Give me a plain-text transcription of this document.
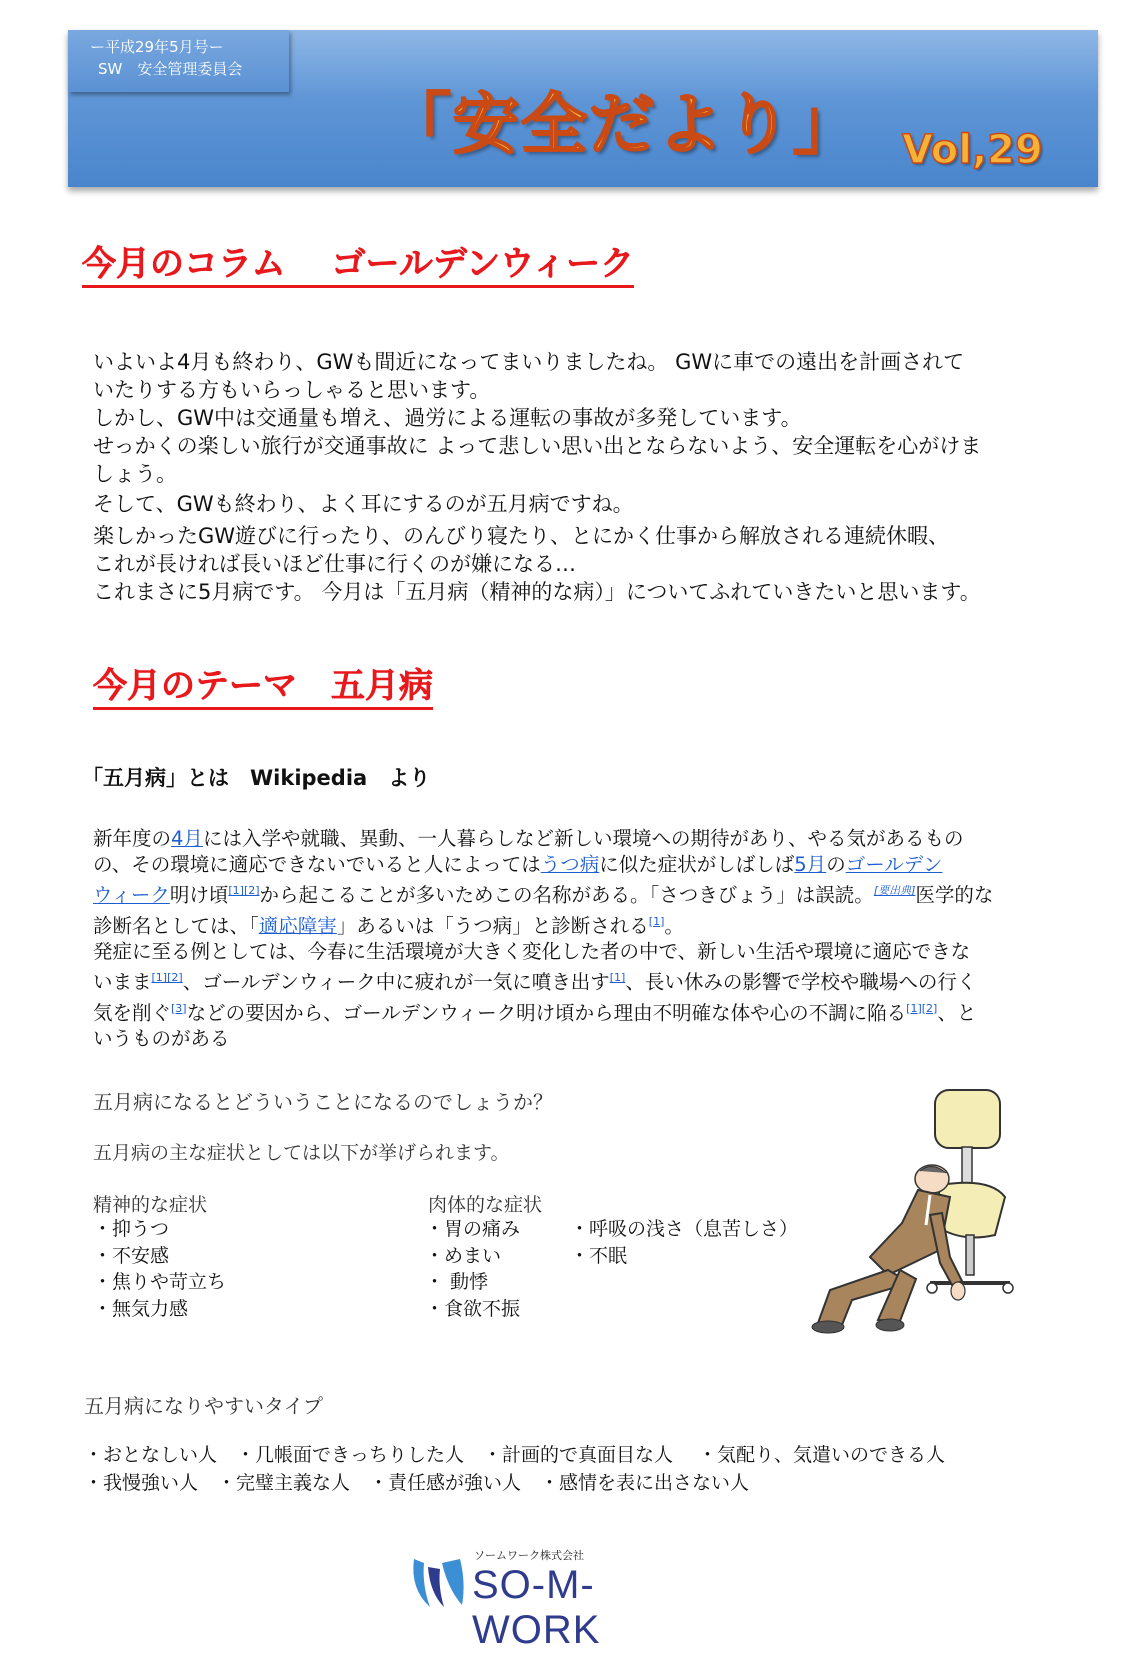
ー平成29年5月号ー
SW　安全管理委員会
「安全だより」 Vol,29
今月のコラム　 ゴールデンウィーク

いよいよ4月も終わり、GWも間近になってまいりましたね。 GWに車での遠出を計画されて

いたりする方もいらっしゃると思います。

しかし、GW中は交通量も増え、過労による運転の事故が多発しています。

せっかくの楽しい旅行が交通事故に よって悲しい思い出とならないよう、安全運転を心がけま

しょう。

そして、GWも終わり、よく耳にするのが五月病ですね。

楽しかったGW遊びに行ったり、のんびり寝たり、とにかく仕事から解放される連続休暇、

これが長ければ長いほど仕事に行くのが嫌になる…

これまさに5月病です。 今月は「五月病（精神的な病）」についてふれていきたいと思います。

今月のテーマ　五月病
「五月病」とは　Wikipedia　より

新年度の4月には入学や就職、異動、一人暮らしなど新しい環境への期待があり、やる気があるもの

の、その環境に適応できないでいると人によってはうつ病に似た症状がしばしば5月のゴールデン

ウィーク明け頃[1][2]から起こることが多いためこの名称がある。「さつきびょう」は誤読。[要出典]医学的な

診断名としては、「適応障害」あるいは「うつ病」と診断される[1]。

発症に至る例としては、今春に生活環境が大きく変化した者の中で、新しい生活や環境に適応できな

いまま[1][2]、ゴールデンウィーク中に疲れが一気に噴き出す[1]、長い休みの影響で学校や職場への行く

気を削ぐ[3]などの要因から、ゴールデンウィーク明け頃から理由不明確な体や心の不調に陥る[1][2]、と

いうものがある

五月病になるとどういうことになるのでしょうか？
五月病の主な症状としては以下が挙げられます。
精神的な症状
・抑うつ
・不安感
・焦りや苛立ち
・無気力感
肉体的な症状
・胃の痛み
・めまい
・ 動悸
・食欲不振
・呼吸の浅さ（息苦しさ）
・不眠
五月病になりやすいタイプ
・おとなしい人　・几帳面できっちりした人　・計画的で真面目な人　 ・気配り、気遣いのできる人
・我慢強い人　・完璧主義な人　・責任感が強い人　・感情を表に出さない人
ソームワーク株式会社
SO-M-WORK
